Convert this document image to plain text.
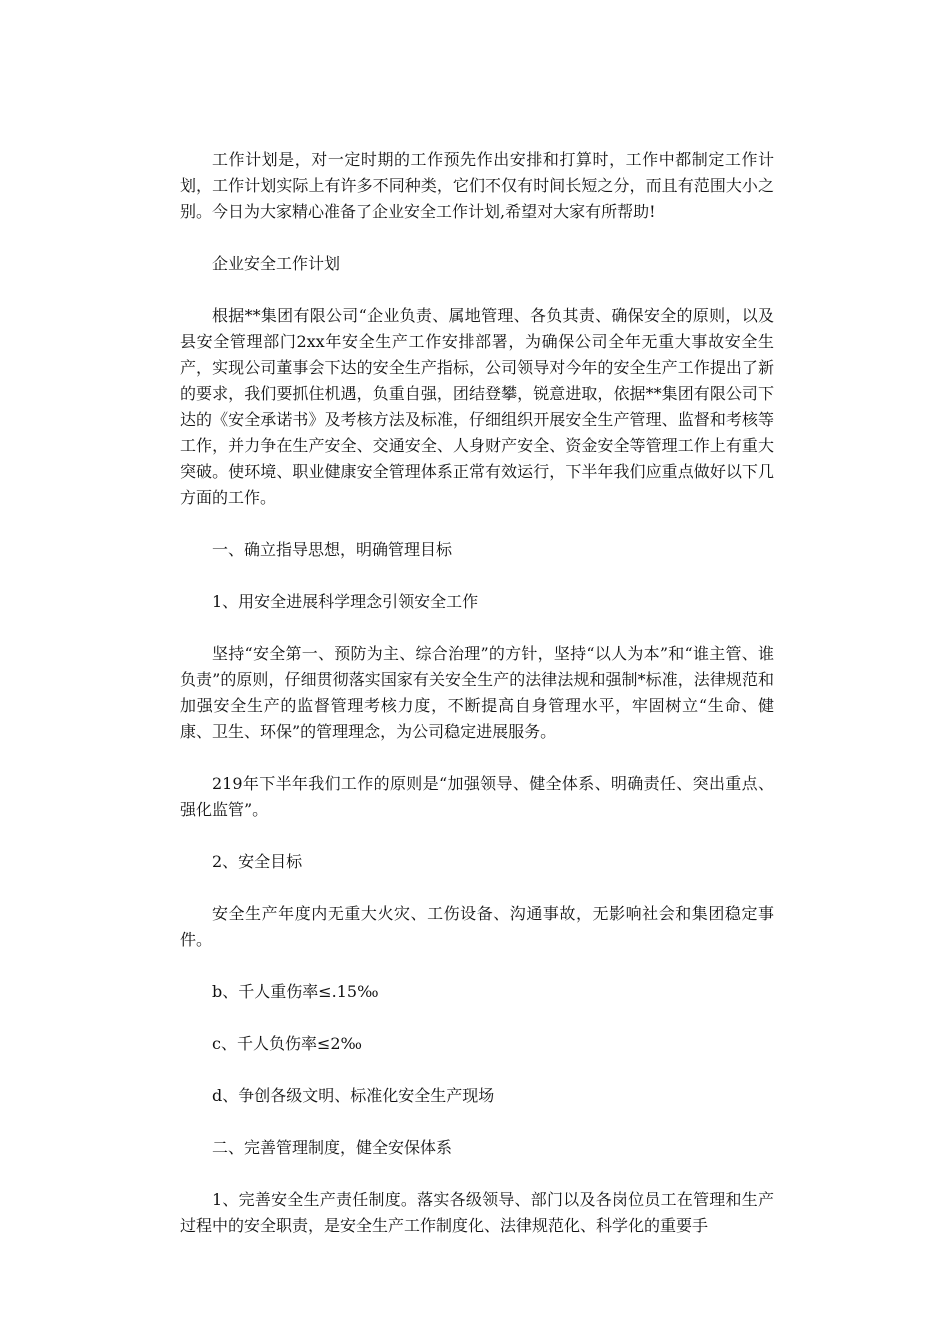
工作计划是，对一定时期的工作预先作出安排和打算时，工作中都制定工作计划，工作计划实际上有许多不同种类，它们不仅有时间长短之分，而且有范围大小之别。今日为大家精心准备了企业安全工作计划,希望对大家有所帮助!

企业安全工作计划

根据**集团有限公司“企业负责、属地管理、各负其责、确保安全的原则，以及县安全管理部门2xx年安全生产工作安排部署，为确保公司全年无重大事故安全生产，实现公司董事会下达的安全生产指标，公司领导对今年的安全生产工作提出了新的要求，我们要抓住机遇，负重自强，团结登攀，锐意进取，依据**集团有限公司下达的《安全承诺书》及考核方法及标准，仔细组织开展安全生产管理、监督和考核等工作，并力争在生产安全、交通安全、人身财产安全、资金安全等管理工作上有重大突破。使环境、职业健康安全管理体系正常有效运行，下半年我们应重点做好以下几方面的工作。

一、确立指导思想，明确管理目标

1、用安全进展科学理念引领安全工作

坚持“安全第一、预防为主、综合治理”的方针，坚持“以人为本”和“谁主管、谁负责”的原则，仔细贯彻落实国家有关安全生产的法律法规和强制*标准，法律规范和加强安全生产的监督管理考核力度，不断提高自身管理水平，牢固树立“生命、健康、卫生、环保”的管理理念，为公司稳定进展服务。

219年下半年我们工作的原则是“加强领导、健全体系、明确责任、突出重点、强化监管”。

2、安全目标

安全生产年度内无重大火灾、工伤设备、沟通事故，无影响社会和集团稳定事件。

b、千人重伤率≤.15‰

c、千人负伤率≤2‰

d、争创各级文明、标准化安全生产现场

二、完善管理制度，健全安保体系

1、完善安全生产责任制度。落实各级领导、部门以及各岗位员工在管理和生产过程中的安全职责，是安全生产工作制度化、法律规范化、科学化的重要手
